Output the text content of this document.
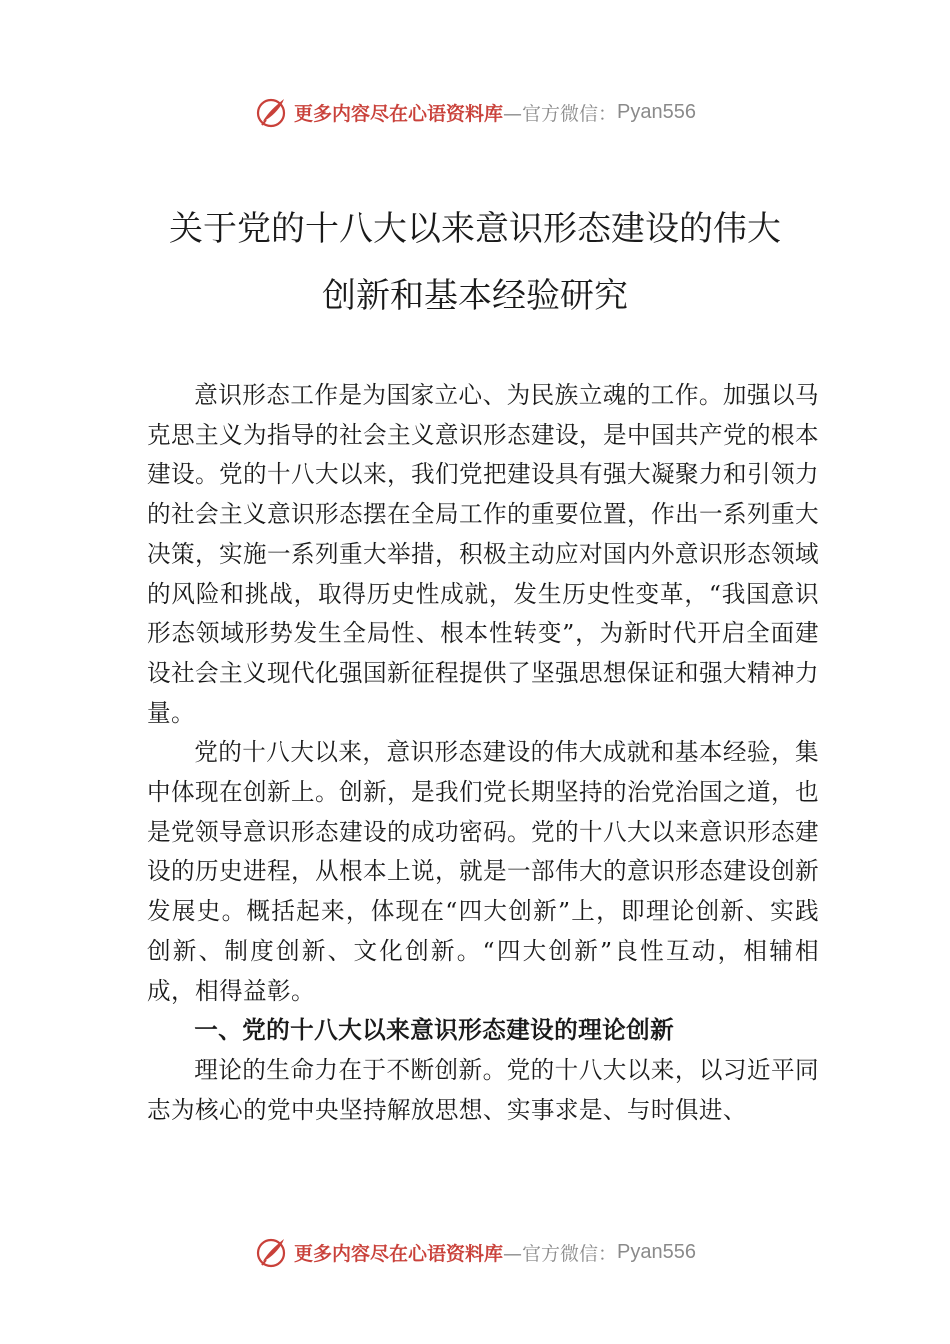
更多内容尽在心语资料库 —官方微信： Pyan556
关于党的十八大以来意识形态建设的伟大
创新和基本经验研究

意识形态工作是为国家立心、为民族立魂的工作。加强以马克思主义为指导的社会主义意识形态建设，是中国共产党的根本建设。党的十八大以来，我们党把建设具有强大凝聚力和引领力的社会主义意识形态摆在全局工作的重要位置，作出一系列重大决策，实施一系列重大举措，积极主动应对国内外意识形态领域的风险和挑战，取得历史性成就，发生历史性变革，“我国意识形态领域形势发生全局性、根本性转变”，为新时代开启全面建设社会主义现代化强国新征程提供了坚强思想保证和强大精神力量。

党的十八大以来，意识形态建设的伟大成就和基本经验，集中体现在创新上。创新，是我们党长期坚持的治党治国之道，也是党领导意识形态建设的成功密码。党的十八大以来意识形态建设的历史进程，从根本上说，就是一部伟大的意识形态建设创新发展史。概括起来，体现在“四大创新”上，即理论创新、实践创新、制度创新、文化创新。“四大创新”良性互动，相辅相成，相得益彰。

一、党的十八大以来意识形态建设的理论创新

理论的生命力在于不断创新。党的十八大以来，以习近平同志为核心的党中央坚持解放思想、实事求是、与时俱进、

更多内容尽在心语资料库 —官方微信： Pyan556
